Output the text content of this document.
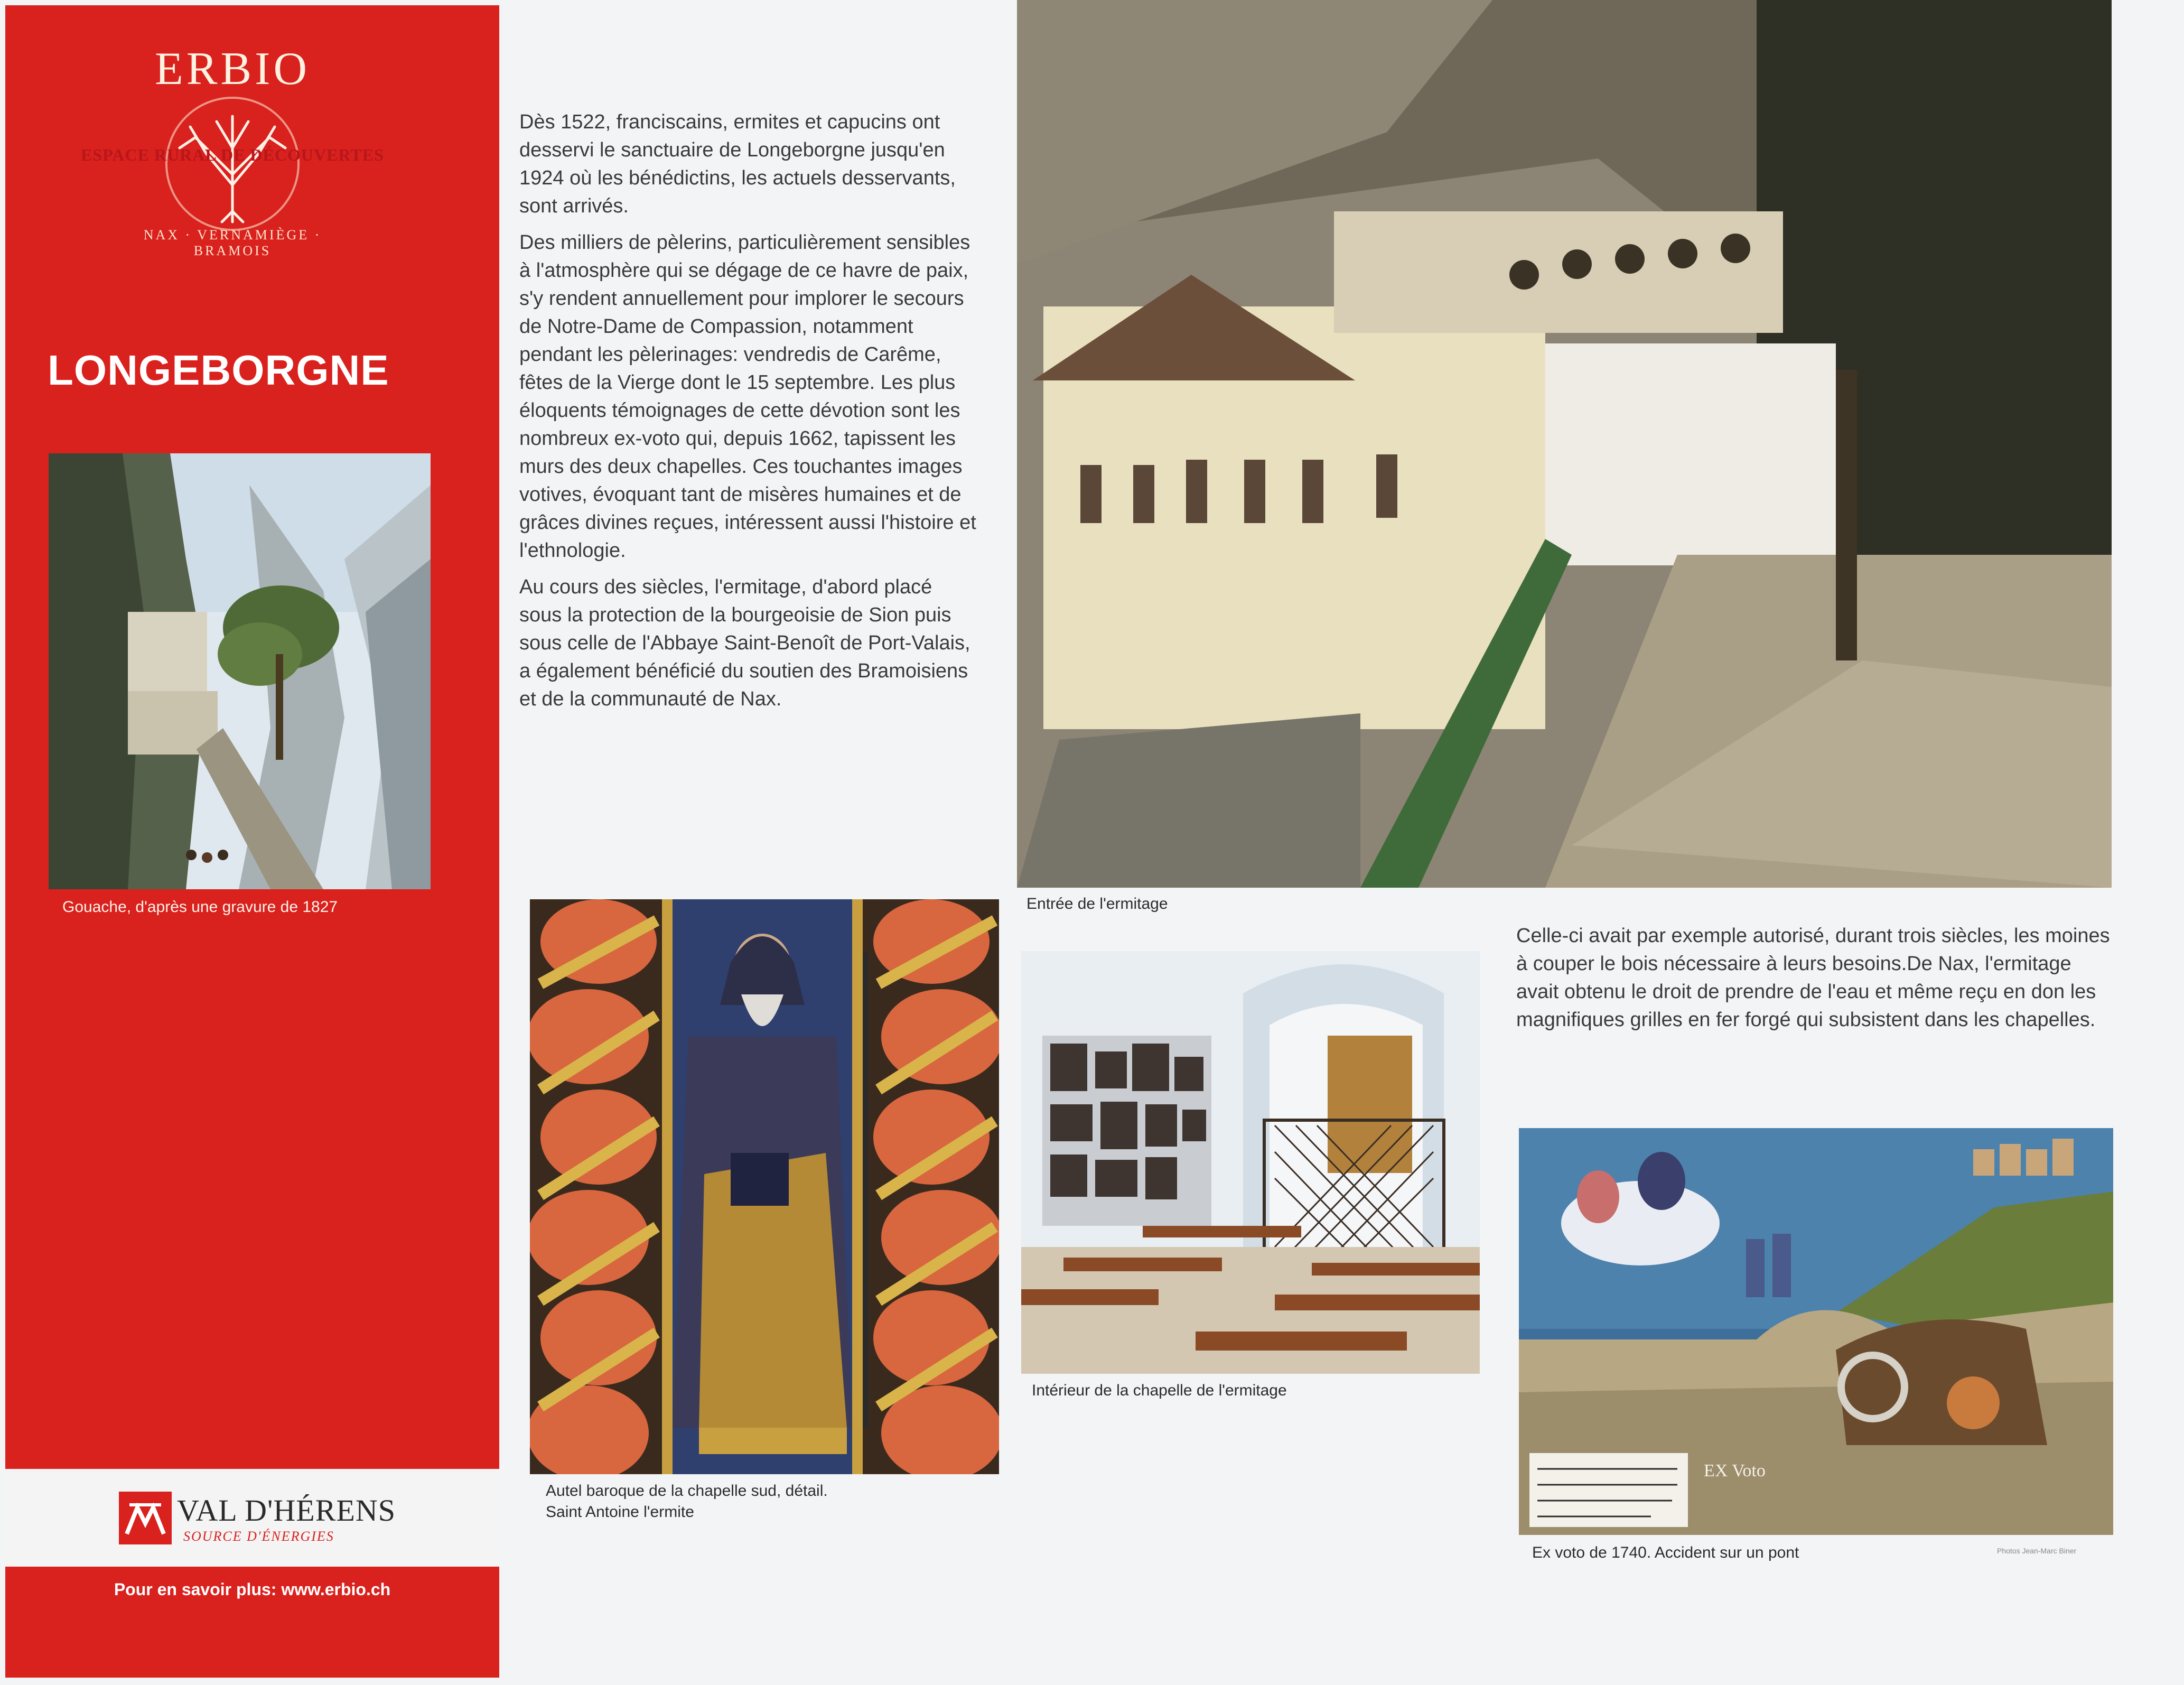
ERBIO
ESPACE RURAL DE DÉCOUVERTES
NAX · VERNAMIÈGE · BRAMOIS
LONGEBORGNE
Gouache, d'après une gravure de 1827

Dès 1522, franciscains, ermites et capucins ont desservi le sanctuaire de Longeborgne jusqu'en 1924 où les bénédictins, les actuels desservants, sont arrivés.

Des milliers de pèlerins, particulièrement sensibles à l'atmosphère qui se dégage de ce havre de paix, s'y rendent annuellement pour implorer le secours de Notre-Dame de Compassion, notamment pendant les pèlerinages: vendredis de Carême, fêtes de la Vierge dont le 15 septembre. Les plus éloquents témoignages de cette dévotion sont les nombreux ex-voto qui, depuis 1662, tapissent les murs des deux chapelles. Ces touchantes images votives, évoquant tant de misères humaines et de grâces divines reçues, intéressent aussi l'histoire et l'ethnologie.

Au cours des siècles, l'ermitage, d'abord placé sous la protection de la bourgeoisie de Sion puis sous celle de l'Abbaye Saint-Benoît de Port-Valais, a également bénéficié du soutien des Bramoisiens et de la communauté de Nax.

Entrée de l'ermitage
Autel baroque de la chapelle sud, détail.
Saint Antoine l'ermite
Intérieur de la chapelle de l'ermitage

Celle-ci avait par exemple autorisé, durant trois siècles, les moines à couper le bois nécessaire à leurs besoins.De Nax, l'ermitage avait obtenu le droit de prendre de l'eau et même reçu en don les magnifiques grilles en fer forgé qui subsistent dans les chapelles.

EX Voto
Ex voto de 1740. Accident sur un pont	Photos Jean-Marc Biner
VAL D'HÉRENS
SOURCE D'ÉNERGIES
Pour en savoir plus: www.erbio.ch
